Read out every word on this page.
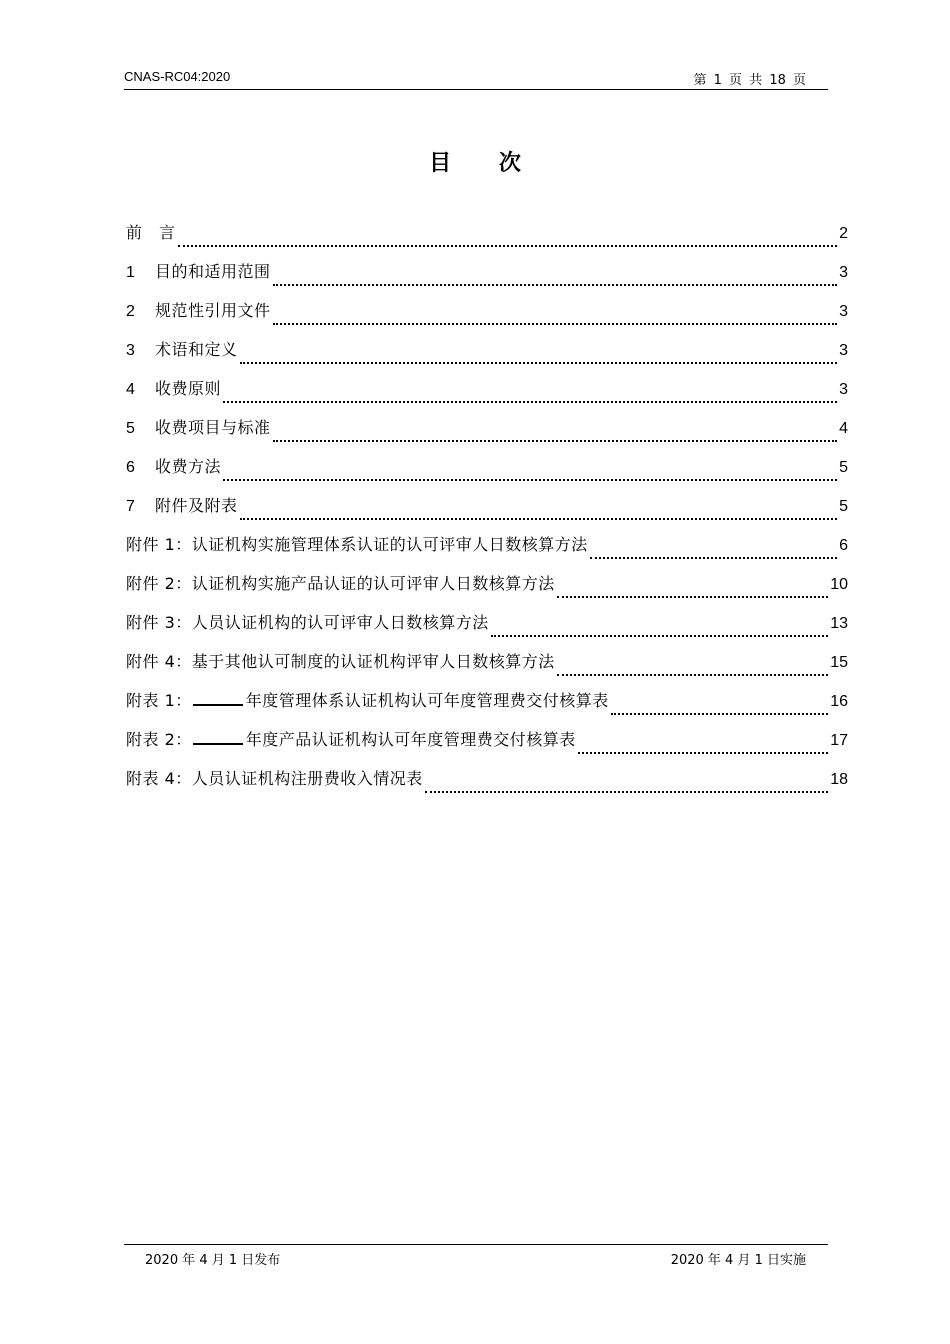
CNAS-RC04:2020	第 1 页 共 18 页
目 次
前　言	2
1	目的和适用范围	3
2	规范性引用文件	3
3	术语和定义	3
4	收费原则	3
5	收费项目与标准	4
6	收费方法	5
7	附件及附表	5
附件 1：认证机构实施管理体系认证的认可评审人日数核算方法	6
附件 2：认证机构实施产品认证的认可评审人日数核算方法	10
附件 3：人员认证机构的认可评审人日数核算方法	13
附件 4：基于其他认可制度的认证机构评审人日数核算方法	15
附表 1：	年度管理体系认证机构认可年度管理费交付核算表	16
附表 2：	年度产品认证机构认可年度管理费交付核算表	17
附表 4：人员认证机构注册费收入情况表	18
2020 年 4 月 1 日发布	2020 年 4 月 1 日实施
